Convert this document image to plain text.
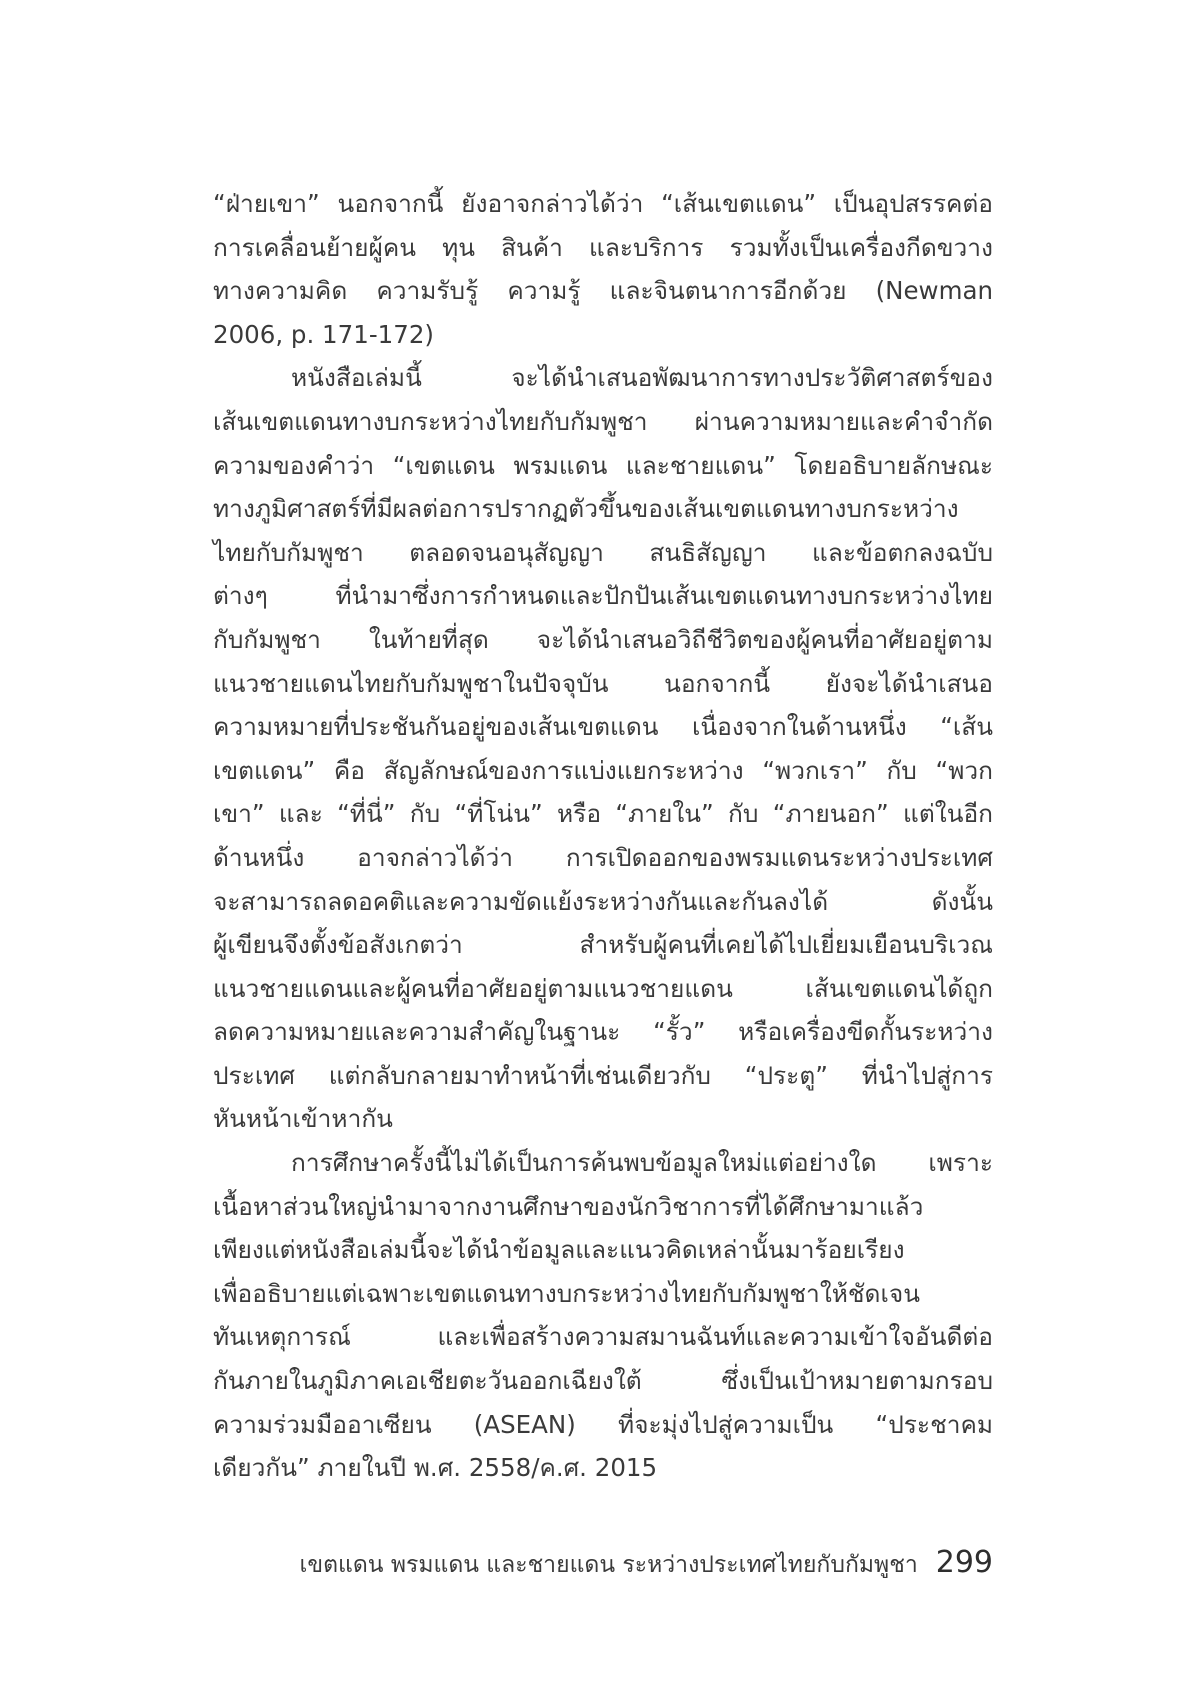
“ฝ่ายเขา” นอกจากนี้ ยังอาจกล่าวได้ว่า “เส้นเขตแดน” เป็นอุปสรรคต่อ
การเคลื่อนย้ายผู้คน ทุน สินค้า และบริการ รวมทั้งเป็นเครื่องกีดขวาง
ทางความคิด ความรับรู้ ความรู้ และจินตนาการอีกด้วย (Newman
2006, p. 171-172)
หนังสือเล่มนี้ จะได้นำเสนอพัฒนาการทางประวัติศาสตร์ของ
เส้นเขตแดนทางบกระหว่างไทยกับกัมพูชา ผ่านความหมายและคำจำกัด
ความของคำว่า “เขตแดน พรมแดน และชายแดน” โดยอธิบายลักษณะ
ทางภูมิศาสตร์ที่มีผลต่อการปรากฏตัวขึ้นของเส้นเขตแดนทางบกระหว่าง
ไทยกับกัมพูชา ตลอดจนอนุสัญญา สนธิสัญญา และข้อตกลงฉบับ
ต่างๆ ที่นำมาซึ่งการกำหนดและปักปันเส้นเขตแดนทางบกระหว่างไทย
กับกัมพูชา ในท้ายที่สุด จะได้นำเสนอวิถีชีวิตของผู้คนที่อาศัยอยู่ตาม
แนวชายแดนไทยกับกัมพูชาในปัจจุบัน นอกจากนี้ ยังจะได้นำเสนอ
ความหมายที่ประชันกันอยู่ของเส้นเขตแดน เนื่องจากในด้านหนึ่ง “เส้น
เขตแดน” คือ สัญลักษณ์ของการแบ่งแยกระหว่าง “พวกเรา” กับ “พวก
เขา” และ “ที่นี่” กับ “ที่โน่น” หรือ “ภายใน” กับ “ภายนอก” แต่ในอีก
ด้านหนึ่ง อาจกล่าวได้ว่า การเปิดออกของพรมแดนระหว่างประเทศ
จะสามารถลดอคติและความขัดแย้งระหว่างกันและกันลงได้ ดังนั้น
ผู้เขียนจึงตั้งข้อสังเกตว่า สำหรับผู้คนที่เคยได้ไปเยี่ยมเยือนบริเวณ
แนวชายแดนและผู้คนที่อาศัยอยู่ตามแนวชายแดน เส้นเขตแดนได้ถูก
ลดความหมายและความสำคัญในฐานะ “รั้ว” หรือเครื่องขีดกั้นระหว่าง
ประเทศ แต่กลับกลายมาทำหน้าที่เช่นเดียวกับ “ประตู” ที่นำไปสู่การ
หันหน้าเข้าหากัน
การศึกษาครั้งนี้ไม่ได้เป็นการค้นพบข้อมูลใหม่แต่อย่างใด เพราะ
เนื้อหาส่วนใหญ่นำมาจากงานศึกษาของนักวิชาการที่ได้ศึกษามาแล้ว
เพียงแต่หนังสือเล่มนี้จะได้นำข้อมูลและแนวคิดเหล่านั้นมาร้อยเรียง
เพื่ออธิบายแต่เฉพาะเขตแดนทางบกระหว่างไทยกับกัมพูชาให้ชัดเจน
ทันเหตุการณ์ และเพื่อสร้างความสมานฉันท์และความเข้าใจอันดีต่อ
กันภายในภูมิภาคเอเชียตะวันออกเฉียงใต้ ซึ่งเป็นเป้าหมายตามกรอบ
ความร่วมมืออาเซียน (ASEAN) ที่จะมุ่งไปสู่ความเป็น “ประชาคม
เดียวกัน” ภายในปี พ.ศ. 2558/ค.ศ. 2015
เขตแดน พรมแดน และชายแดน ระหว่างประเทศไทยกับกัมพูชา 299
